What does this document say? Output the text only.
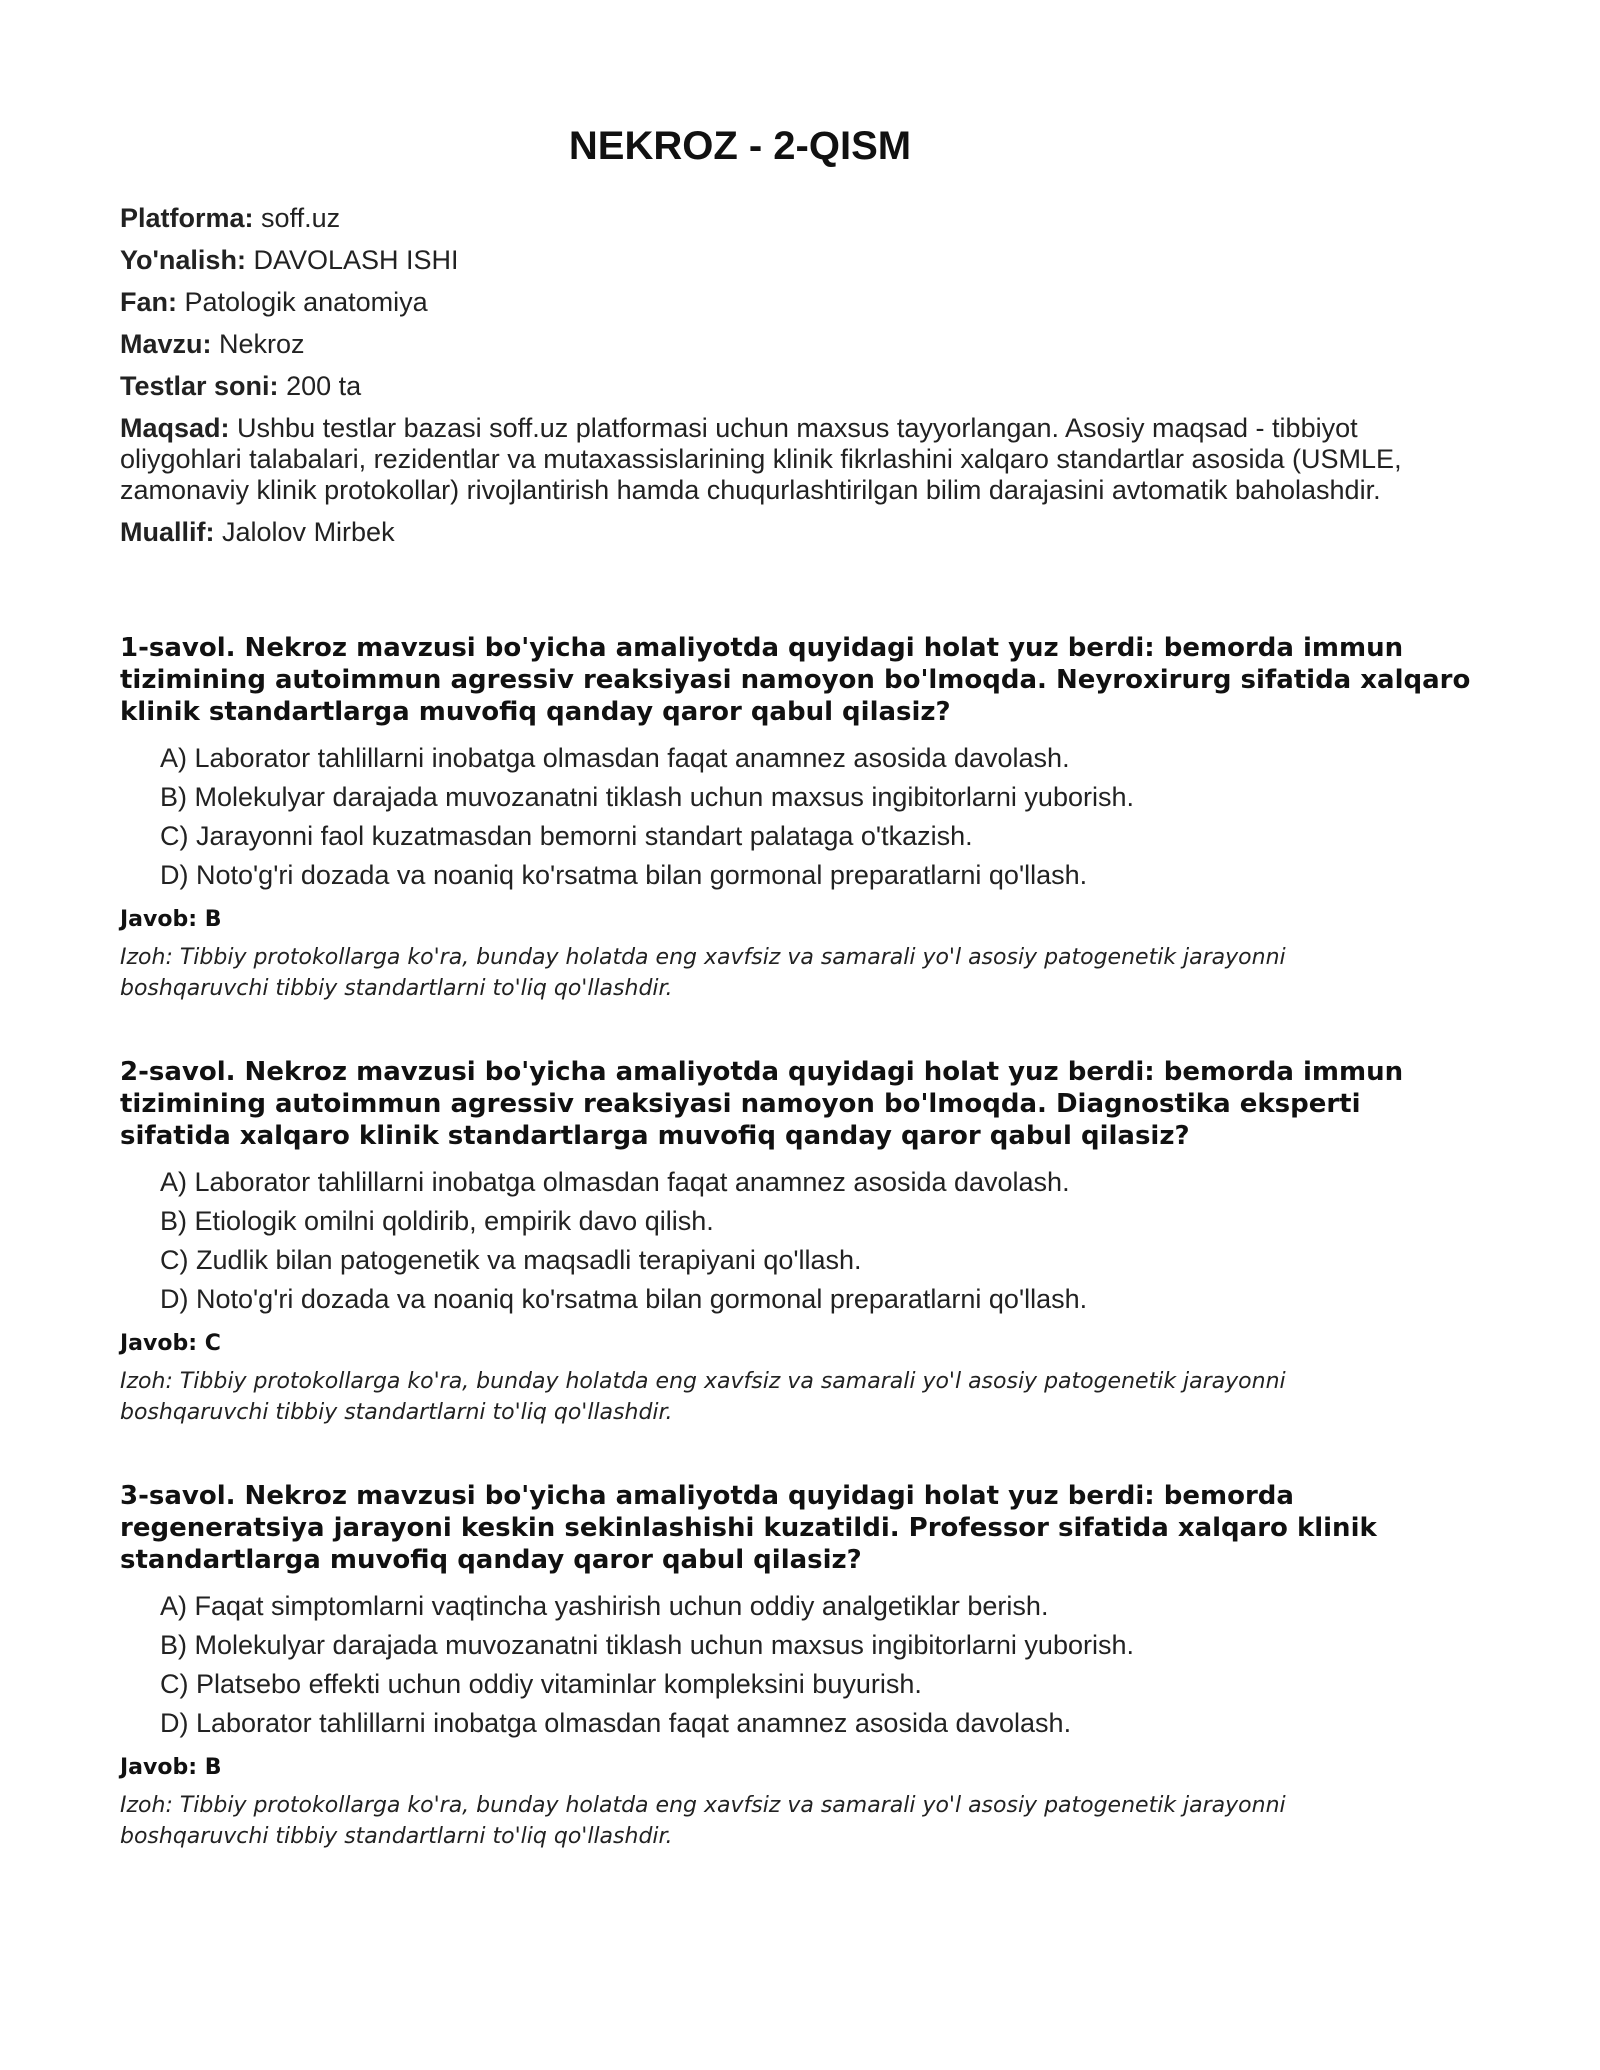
NEKROZ - 2-QISM
Platforma: soff.uz
Yo'nalish: DAVOLASH ISHI
Fan: Patologik anatomiya
Mavzu: Nekroz
Testlar soni: 200 ta
Maqsad: Ushbu testlar bazasi soff.uz platformasi uchun maxsus tayyorlangan. Asosiy maqsad - tibbiyot oliygohlari talabalari, rezidentlar va mutaxassislarining klinik fikrlashini xalqaro standartlar asosida (USMLE, zamonaviy klinik protokollar) rivojlantirish hamda chuqurlashtirilgan bilim darajasini avtomatik baholashdir.
Muallif: Jalolov Mirbek
1-savol. Nekroz mavzusi bo'yicha amaliyotda quyidagi holat yuz berdi: bemorda immun tizimining autoimmun agressiv reaksiyasi namoyon bo'lmoqda. Neyroxirurg sifatida xalqaro klinik standartlarga muvofiq qanday qaror qabul qilasiz?
A) Laborator tahlillarni inobatga olmasdan faqat anamnez asosida davolash.
B) Molekulyar darajada muvozanatni tiklash uchun maxsus ingibitorlarni yuborish.
C) Jarayonni faol kuzatmasdan bemorni standart palataga o'tkazish.
D) Noto'g'ri dozada va noaniq ko'rsatma bilan gormonal preparatlarni qo'llash.
Javob: B
Izoh: Tibbiy protokollarga ko'ra, bunday holatda eng xavfsiz va samarali yo'l asosiy patogenetik jarayonni boshqaruvchi tibbiy standartlarni to'liq qo'llashdir.
2-savol. Nekroz mavzusi bo'yicha amaliyotda quyidagi holat yuz berdi: bemorda immun tizimining autoimmun agressiv reaksiyasi namoyon bo'lmoqda. Diagnostika eksperti sifatida xalqaro klinik standartlarga muvofiq qanday qaror qabul qilasiz?
A) Laborator tahlillarni inobatga olmasdan faqat anamnez asosida davolash.
B) Etiologik omilni qoldirib, empirik davo qilish.
C) Zudlik bilan patogenetik va maqsadli terapiyani qo'llash.
D) Noto'g'ri dozada va noaniq ko'rsatma bilan gormonal preparatlarni qo'llash.
Javob: C
Izoh: Tibbiy protokollarga ko'ra, bunday holatda eng xavfsiz va samarali yo'l asosiy patogenetik jarayonni boshqaruvchi tibbiy standartlarni to'liq qo'llashdir.
3-savol. Nekroz mavzusi bo'yicha amaliyotda quyidagi holat yuz berdi: bemorda regeneratsiya jarayoni keskin sekinlashishi kuzatildi. Professor sifatida xalqaro klinik standartlarga muvofiq qanday qaror qabul qilasiz?
A) Faqat simptomlarni vaqtincha yashirish uchun oddiy analgetiklar berish.
B) Molekulyar darajada muvozanatni tiklash uchun maxsus ingibitorlarni yuborish.
C) Platsebo effekti uchun oddiy vitaminlar kompleksini buyurish.
D) Laborator tahlillarni inobatga olmasdan faqat anamnez asosida davolash.
Javob: B
Izoh: Tibbiy protokollarga ko'ra, bunday holatda eng xavfsiz va samarali yo'l asosiy patogenetik jarayonni boshqaruvchi tibbiy standartlarni to'liq qo'llashdir.
